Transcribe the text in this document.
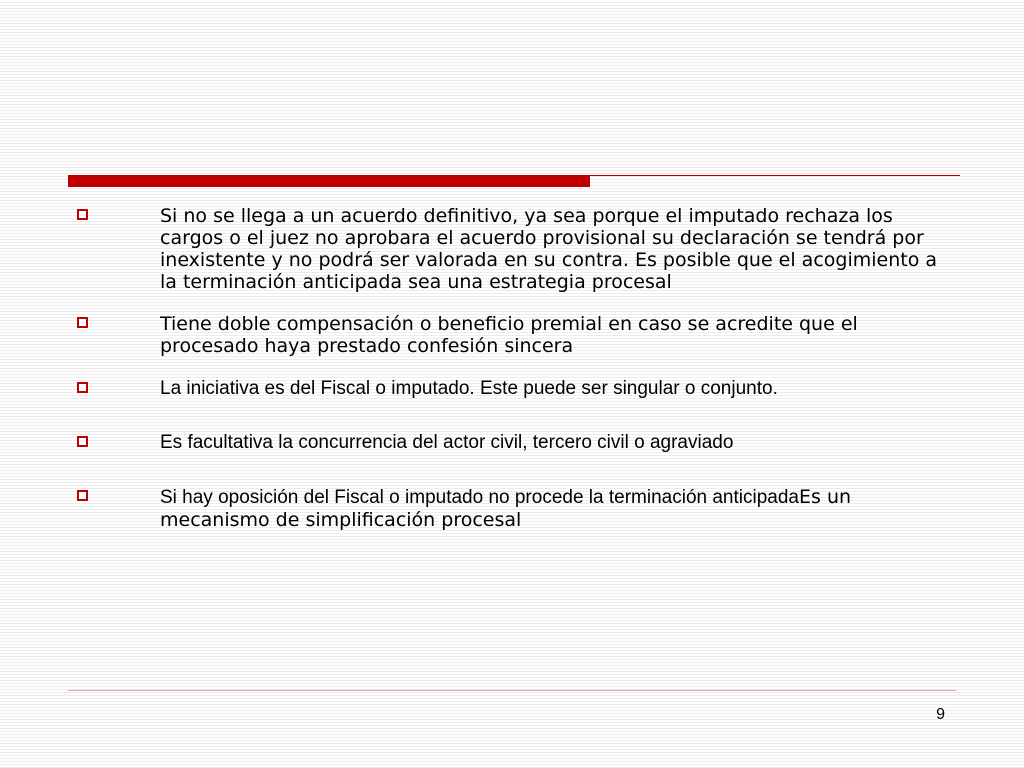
Si no se llega a un acuerdo definitivo, ya sea porque el imputado rechaza los cargos o el juez no aprobara el acuerdo provisional su declaración se tendrá por inexistente y no podrá ser valorada en su contra. Es posible que el acogimiento a la terminación anticipada sea una estrategia procesal
Tiene doble compensación o beneficio premial en caso se acredite que el procesado haya prestado confesión sincera
La iniciativa es del Fiscal o imputado. Este puede ser singular o conjunto.
Es facultativa la concurrencia del actor civil, tercero civil o agraviado
Si hay oposición del Fiscal o imputado no procede la terminación anticipadaEs un mecanismo de simplificación procesal
9
